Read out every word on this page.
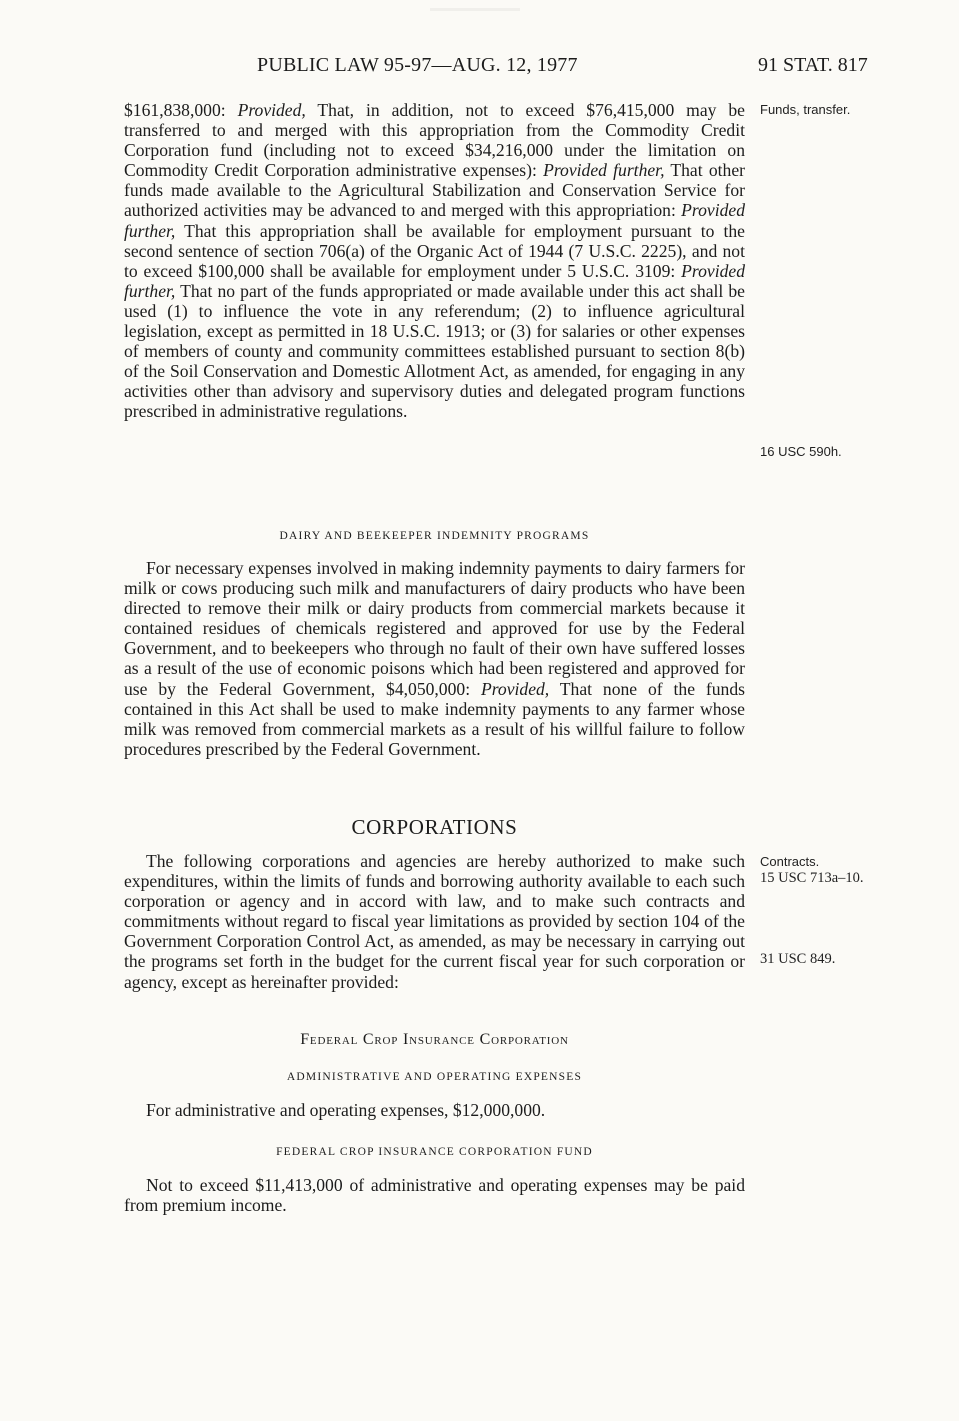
PUBLIC LAW 95-97—AUG. 12, 1977	91 STAT. 817

$161,838,000: Provided, That, in addition, not to exceed $76,415,000 may be transferred to and merged with this appropriation from the Commodity Credit Corporation fund (including not to exceed $34,216,000 under the limitation on Commodity Credit Corporation administrative expenses): Provided further, That other funds made available to the Agricultural Stabilization and Conservation Service for authorized activities may be advanced to and merged with this appropriation: Provided further, That this appropriation shall be available for employment pursuant to the second sentence of section 706(a) of the Organic Act of 1944 (7 U.S.C. 2225), and not to exceed $100,000 shall be available for employment under 5 U.S.C. 3109: Provided further, That no part of the funds appropriated or made available under this act shall be used (1) to influence the vote in any referendum; (2) to influence agricultural legislation, except as permitted in 18 U.S.C. 1913; or (3) for salaries or other expenses of members of county and community committees established pursuant to section 8(b) of the Soil Conservation and Domestic Allotment Act, as amended, for engaging in any activities other than advisory and supervisory duties and delegated program functions prescribed in administrative regulations.

Funds, transfer.
16 USC 590h.
DAIRY AND BEEKEEPER INDEMNITY PROGRAMS

For necessary expenses involved in making indemnity payments to dairy farmers for milk or cows producing such milk and manufacturers of dairy products who have been directed to remove their milk or dairy products from commercial markets because it contained residues of chemicals registered and approved for use by the Federal Government, and to beekeepers who through no fault of their own have suffered losses as a result of the use of economic poisons which had been registered and approved for use by the Federal Government, $4,050,000: Provided, That none of the funds contained in this Act shall be used to make indemnity payments to any farmer whose milk was removed from commercial markets as a result of his willful failure to follow procedures prescribed by the Federal Government.

CORPORATIONS

The following corporations and agencies are hereby authorized to make such expenditures, within the limits of funds and borrowing authority available to each such corporation or agency and in accord with law, and to make such contracts and commitments without regard to fiscal year limitations as provided by section 104 of the Government Corporation Control Act, as amended, as may be necessary in carrying out the programs set forth in the budget for the current fiscal year for such corporation or agency, except as hereinafter provided:

Contracts.
15 USC 713a–10.
31 USC 849.
Federal Crop Insurance Corporation
ADMINISTRATIVE AND OPERATING EXPENSES

For administrative and operating expenses, $12,000,000.

FEDERAL CROP INSURANCE CORPORATION FUND

Not to exceed $11,413,000 of administrative and operating expenses may be paid from premium income.
